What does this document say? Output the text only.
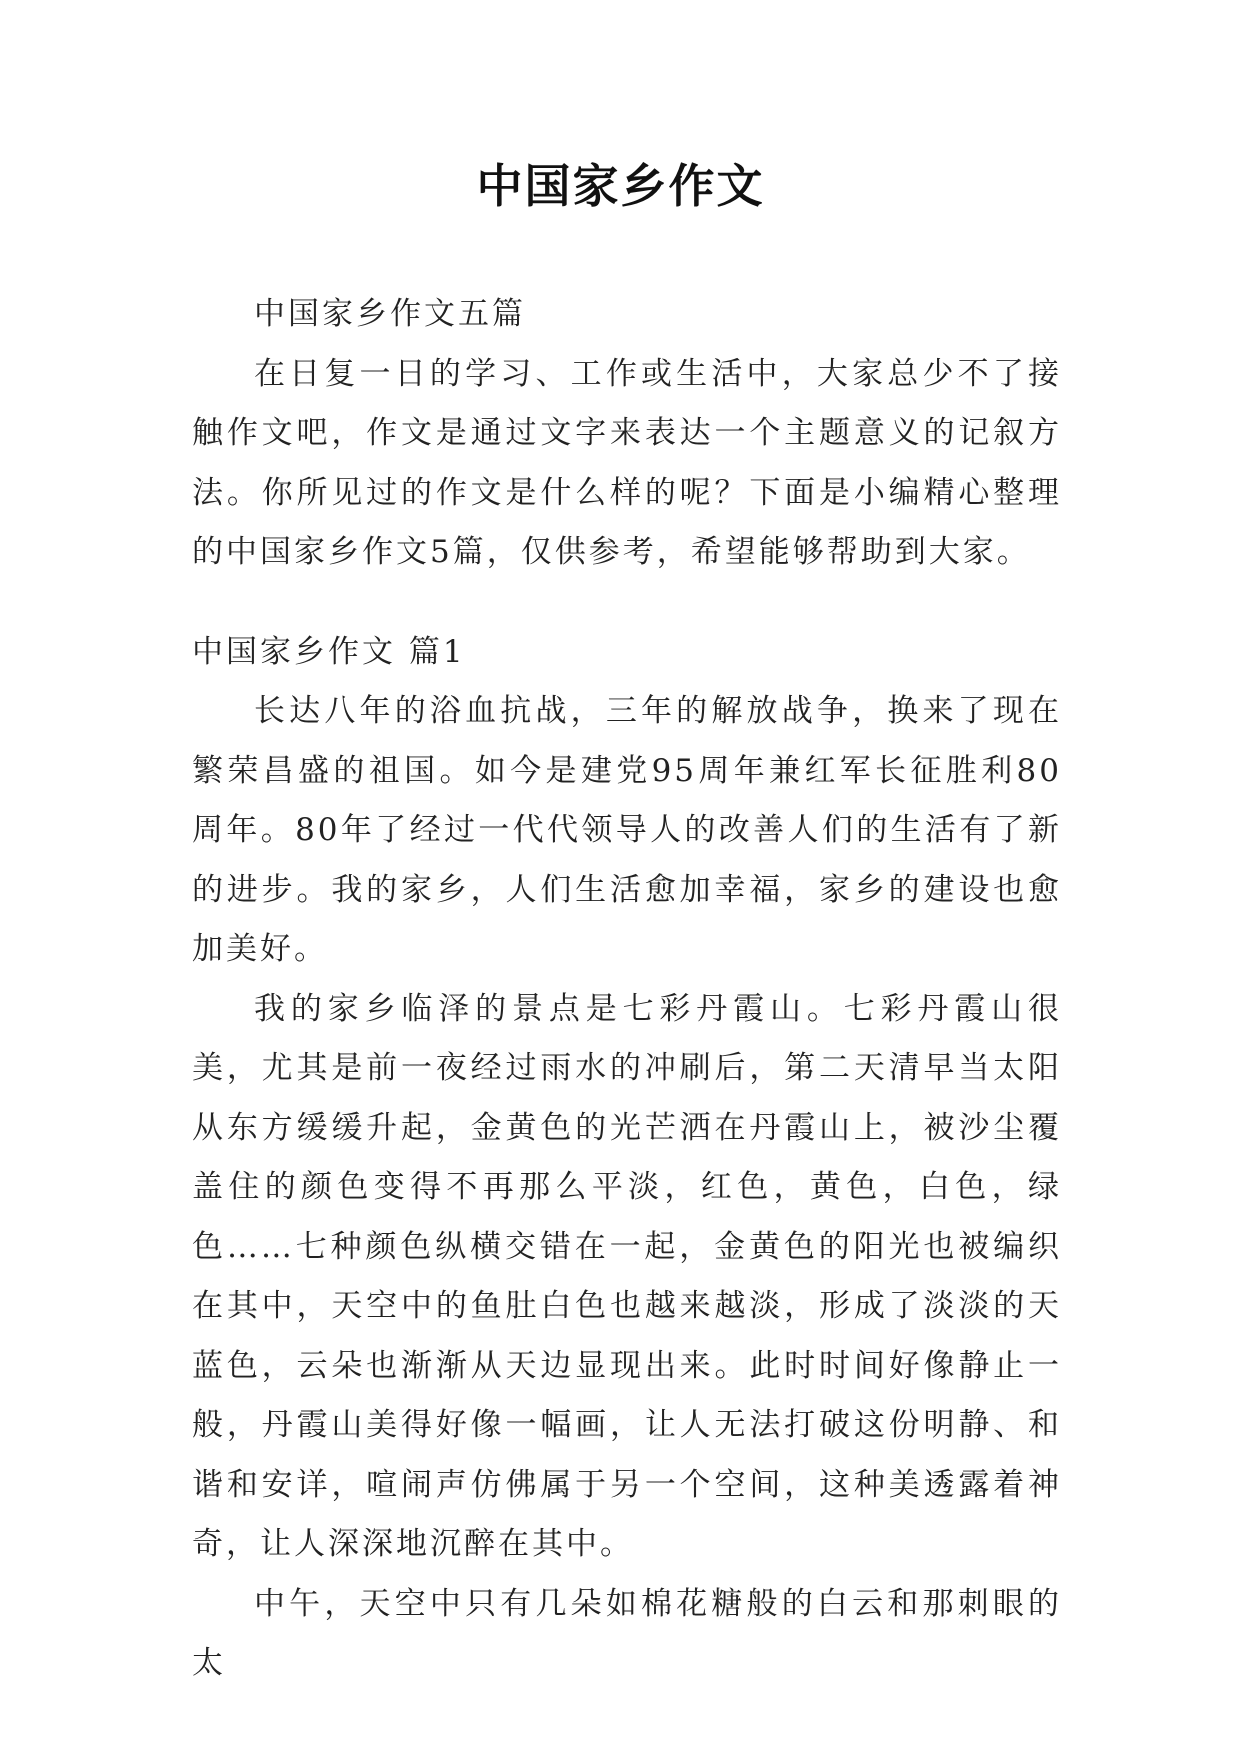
中国家乡作文

中国家乡作文五篇

在日复一日的学习、工作或生活中，大家总少不了接触作文吧，作文是通过文字来表达一个主题意义的记叙方法。你所见过的作文是什么样的呢？下面是小编精心整理的中国家乡作文5篇，仅供参考，希望能够帮助到大家。

中国家乡作文 篇1

长达八年的浴血抗战，三年的解放战争，换来了现在繁荣昌盛的祖国。如今是建党95周年兼红军长征胜利80周年。80年了经过一代代领导人的改善人们的生活有了新的进步。我的家乡，人们生活愈加幸福，家乡的建设也愈加美好。

我的家乡临泽的景点是七彩丹霞山。七彩丹霞山很美，尤其是前一夜经过雨水的冲刷后，第二天清早当太阳从东方缓缓升起，金黄色的光芒洒在丹霞山上，被沙尘覆盖住的颜色变得不再那么平淡，红色，黄色，白色，绿色……七种颜色纵横交错在一起，金黄色的阳光也被编织在其中，天空中的鱼肚白色也越来越淡，形成了淡淡的天蓝色，云朵也渐渐从天边显现出来。此时时间好像静止一般，丹霞山美得好像一幅画，让人无法打破这份明静、和谐和安详，喧闹声仿佛属于另一个空间，这种美透露着神奇，让人深深地沉醉在其中。

中午，天空中只有几朵如棉花糖般的白云和那刺眼的太
